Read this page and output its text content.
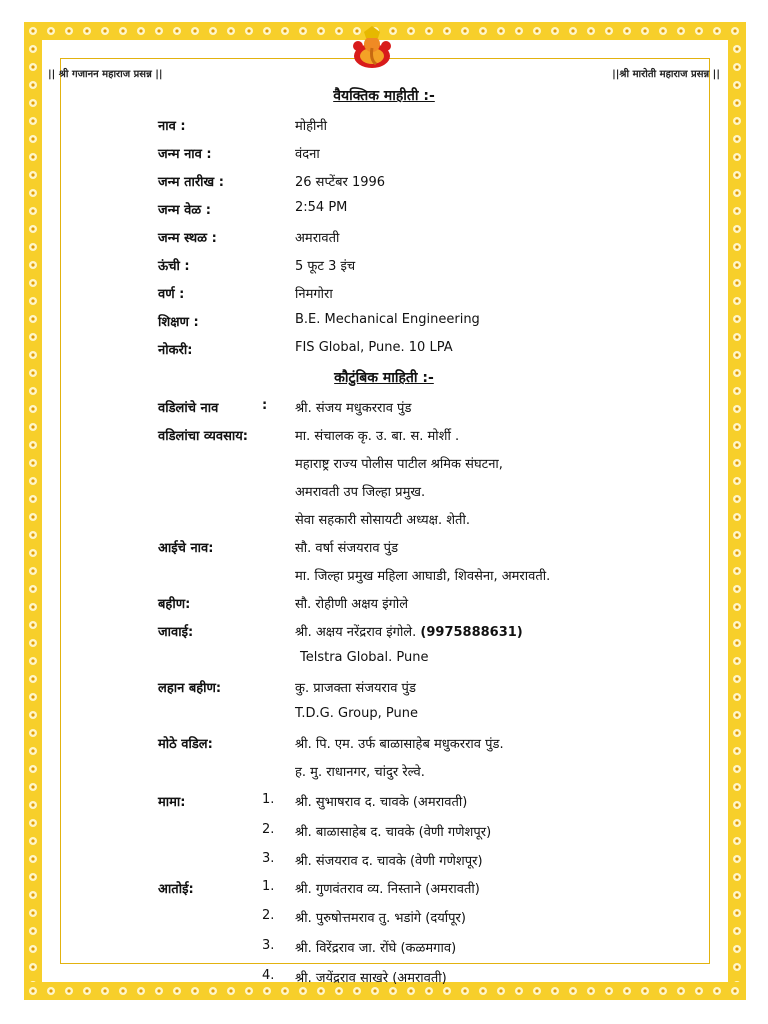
|| श्री गजानन महाराज प्रसन्न ||	||श्री मारोती महाराज प्रसन्न ||
वैयक्तिक माहीती :-
नाव :	मोहीनी
जन्म नाव :	वंदना
जन्म तारीख :	26 सप्टेंबर 1996
जन्म वेळ :	2:54 PM
जन्म स्थळ :	अमरावती
ऊंची :	5 फूट 3 इंच
वर्ण :	निमगोरा
शिक्षण :	B.E. Mechanical Engineering
नोकरी:	FIS Global, Pune. 10 LPA
कौटुंबिक माहिती :-
वडिलांचे नाव	: श्री. संजय मधुकरराव पुंड
वडिलांचा व्यवसाय:	मा. संचालक कृ. उ. बा. स. मोर्शी .
महाराष्ट्र राज्य पोलीस पाटील श्रमिक संघटना,
अमरावती उप जिल्हा प्रमुख.
सेवा सहकारी सोसायटी अध्यक्ष. शेती.
आईचे नाव:	सौ. वर्षा संजयराव पुंड
मा. जिल्हा प्रमुख महिला आघाडी, शिवसेना, अमरावती.
बहीण:	सौ. रोहीणी अक्षय इंगोले
जावाई:	श्री. अक्षय नरेंद्रराव इंगोले. (9975888631)
Telstra Global. Pune
लहान बहीण:	कु. प्राजक्ता संजयराव पुंड
T.D.G. Group, Pune
मोठे वडिल:	श्री. पि. एम. उर्फ बाळासाहेब मधुकरराव पुंड.
ह. मु. राधानगर, चांदुर रेल्वे.
मामा:	1. श्री. सुभाषराव द. चावके (अमरावती)
2. श्री. बाळासाहेब द. चावके (वेणी गणेशपूर)
3. श्री. संजयराव द. चावके (वेणी गणेशपूर)
आतोई:	1. श्री. गुणवंतराव व्य. निस्ताने (अमरावती)
2. श्री. पुरुषोत्तमराव तु. भडांगे (दर्यापूर)
3. श्री. विरेंद्रराव जा. रोंघे (कळमगाव)
4. श्री. जयेंद्रराव साखरे (अमरावती)
